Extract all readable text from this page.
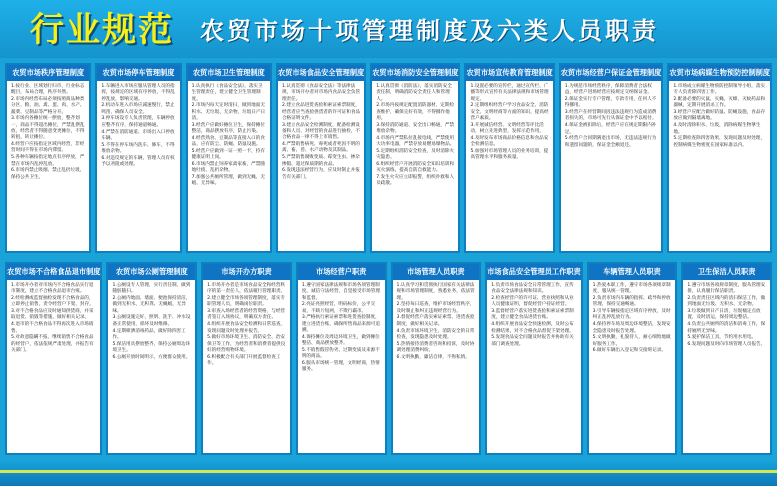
行业规范 农贸市场十项管理制度及六类人员职责
农贸市场秩序管理制度

1.按行业、区域划行归市，行业标志醒目，布局合理，秩序井然。

2.市场内经营布局必须按照商品种类分区，粮、油、禽、蛋、肉、水产、蔬菜、豆制品等严格分开。

3.市场内各摊位统一摆放，整齐划一，商品不得超出摊位，严禁乱摆乱放，经营者不得随意变更摊位，不得转租、转让摊位。

4.经营户应按指定区域内经营，非经营时间不得在市场内滞留。

5.各种车辆按指定地点有序停放，严禁在市场内乱停乱放。

6.市场内禁止吸烟、禁止乱扔垃圾，保持公共卫生。

农贸市场停车管理制度

1.车辆进入市场应服从管理人员的指挥，按规定的区域有序停放，不得乱停乱放，影响交通。

2.机动车进入市场应减速慢行，禁止鸣笛，确保人员安全。

3.停车场设专人负责管理，车辆停放应整齐有序，保持通道畅通。

4.严禁在消防通道、市场出入口停放车辆。

5.不得在停车场内洗车、修车，不得堆放杂物。

6.对违反规定的车辆，管理人员有权予以劝阻或处理。

农贸市场卫生管理制度

1.认真执行《食品安全法》，落实卫生管理责任，建立健全卫生管理制度。

2.市场内每天定时清扫，做到地面无积水、无垃圾、无杂物，垃圾日产日清。

3.经营户应做好摊位卫生，保持摊位整洁，商品摆放有序，防止污染。

4.经营熟食、豆制品等直接入口的食品，应有防尘、防蝇、防鼠设施。

5.经营户应做到一证一照一卡，持有健康证明上岗。

6.市场内禁止饲养家禽家畜，严禁随地吐痰、乱扔杂物。

7.加强公共厕所管理，做到无蝇、无蛆、无异味。

农贸市场食品安全管理制度

1.认真贯彻《食品安全法》等法律法规，市场开办者对市场内食品安全负管理责任。

2.建立食品进货查验和索证索票制度，经营者应当查验供货者的许可证和食品合格证明文件。

3.建立食品安全检测制度，配备检测设备和人员，对经营的食品进行抽检，不合格食品一律不得上市销售。

4.严禁销售病死、毒死或者死因不明的禽、畜、兽、水产动物及其制品。

5.严禁销售腐败变质、霉变生虫、掺杂掺假、超过保质期的食品。

6.发现违法经营行为，应及时制止并报告有关部门。

农贸市场消防安全管理制度

1.认真贯彻《消防法》，落实消防安全责任制，明确消防安全责任人和管理人。

2.市场内按规定配置消防器材，定期检查维护，确保完好有效，不得挪作他用。

3.保持消防通道、安全出口畅通，严禁堆放杂物。

4.市场内严禁私拉乱接电线，严禁使用大功率电器，严禁存放易燃易爆物品。

5.定期组织消防安全检查，及时消除火灾隐患。

6.组织经营户开展消防安全知识培训和灭火演练，提高自防自救能力。

7.发生火灾应立即报警，组织扑救和人员疏散。

农贸市场宣传教育管理制度

1.设置必要的宣传栏，通过宣传栏、广播等形式宣传有关法律法规和市场管理规定。

2.定期组织经营户学习食品安全、消防安全、文明经商等方面的知识，提高经营户素质。

3.开展诚信经营、文明经营等评比活动，树立先进典型，发挥示范作用。

4.及时发布市场商品价格信息和食品安全检测信息。

5.加强对市场管理人员的业务培训，提高管理水平和服务质量。

农贸市场经营户保证金管理制度

1.为规范市场经营秩序，保障消费者合法权益，经营户进场经营应按规定交纳保证金。

2.保证金实行专户管理，专款专用，任何人不得挪用。

3.经营户在经营期间因违法违规行为造成消费者损失的，市场可先行从保证金中予以赔付。

4.保证金被扣除后，经营户应在规定期限内补足。

5.经营户合同期满退出市场，无违法违规行为和遗留问题的，保证金全额退还。

农贸市场病媒生物预防控制制度

1.市场成立病媒生物预防控制领导小组，落实专人负责除四害工作。

2.配备必要的灭鼠、灭蝇、灭蟑、灭蚊药品和器械，定期开展消杀工作。

3.经营户应配合做好防鼠、防蝇设施，食品存放应做到隔墙离地。

4.及时清除积水、垃圾，消除病媒生物孳生地。

5.定期检查除四害效果，发现问题及时处理，控制病媒生物密度在国家标准以内。

农贸市场不合格食品退市制度

1.市场开办者对市场内不合格食品实行退市制度，建立不合格食品退市台账。

2.经检测或监督抽检发现不合格食品的，立即停止销售，责令经营户下架、封存。

3.对不合格食品应及时通知供货商，并采取退货、销毁等措施，做好相关记录。

4.退市的不合格食品不得再次进入市场销售。

5.对故意隐瞒不报、继续销售不合格食品的经营户，依法依规严肃处理，并报告有关部门。

农贸市场公厕管理制度

1.公厕设专人管理，实行责任制，做到随脏随扫。

2.公厕内地面、墙面、便池保持清洁，做到无积水、无积粪、无蝇蛆、无异味。

3.公厕设施完好，照明、洗手、冲水设备正常使用，损坏及时维修。

4.定期喷洒消毒药品，做好除四害工作。

5.保洁用具摆放整齐，保持公厕周边环境卫生。

6.公厕开放时间明示，方便群众使用。

市场开办方职责

1.市场开办者是市场食品安全和经营秩序的第一责任人，依法履行管理职责。

2.建立健全市场各项管理制度，落实专职管理人员，明确岗位职责。

3.审查入场经营者的经营资格，与经营者签订入场协议，明确双方责任。

4.组织开展食品安全检测和日常巡查，发现问题及时处理并报告。

5.做好市场环境卫生、消防安全、治安保卫等工作，为经营者和消费者提供良好的经营购物环境。

6.积极配合有关部门开展监督检查工作。

市场经营户职责

1.遵守国家法律法规和市场各项管理制度，诚信守法经营，自觉接受市场管理和监督。

2.亮证亮照经营，明码标价，公平交易，不缺斤短两，不欺行霸市。

3.严格执行索证索票和进货查验制度，建立进货台账，确保所售商品来源可追溯。

4.保持摊位及周边环境卫生，做到摊位整洁、商品摆放整齐。

5.不销售假冒伪劣、过期变质及来源不明的商品。

6.服从市场统一管理，文明经商，热情服务。

市场管理人员职责

1.认真学习和贯彻执行国家有关法律法规和市场管理制度，熟悉业务，依法管理。

2.坚持每日巡查，维护市场经营秩序，及时制止和纠正违规经营行为。

3.督促经营户落实索证索票、进货查验制度，做好相关记录。

4.负责市场环境卫生、消防安全的日常检查，发现隐患及时处理。

5.热情接待消费者咨询和投诉，及时协调处理消费纠纷。

6.文明执勤，廉洁自律，不徇私情。

市场食品安全管理员工作职责

1.负责市场食品安全日常管理工作，宣传食品安全法律法规和知识。

2.检查经营户的许可证、营业执照和从业人员健康证明，督促经营户持证经营。

3.监督经营户落实进货查验和索证索票制度，建立健全食品进货台账。

4.组织开展食品安全快速检测，及时公布检测结果，对不合格食品督促下架处理。

5.发现食品安全问题及时报告并协助有关部门调查处理。

车辆管理人员职责

1.热爱本职工作，遵守市场各项规章制度，服从统一管理。

2.负责市场内车辆的指挥、疏导和停放管理，保持交通畅通。

3.引导车辆按指定区域有序停放，及时纠正乱停乱放行为。

4.保持停车场及周边环境整洁，发现安全隐患及时报告处理。

5.文明执勤，礼貌待人，耐心细致地做好服务工作。

6.做好车辆出入登记和交接班记录。

卫生保洁人员职责

1.遵守市场各项规章制度，服从管理安排，认真履行保洁职责。

2.负责责任区域内的清扫保洁工作，做到地面无垃圾、无积水、无杂物。

3.垃圾做到日产日清，垃圾桶定点放置，及时清运，保持周边整洁。

4.负责公共厕所的清洁和消毒工作，保持厕所无异味。

5.爱护保洁工具，节约用水用电。

6.发现问题及时向市场管理人员报告。
